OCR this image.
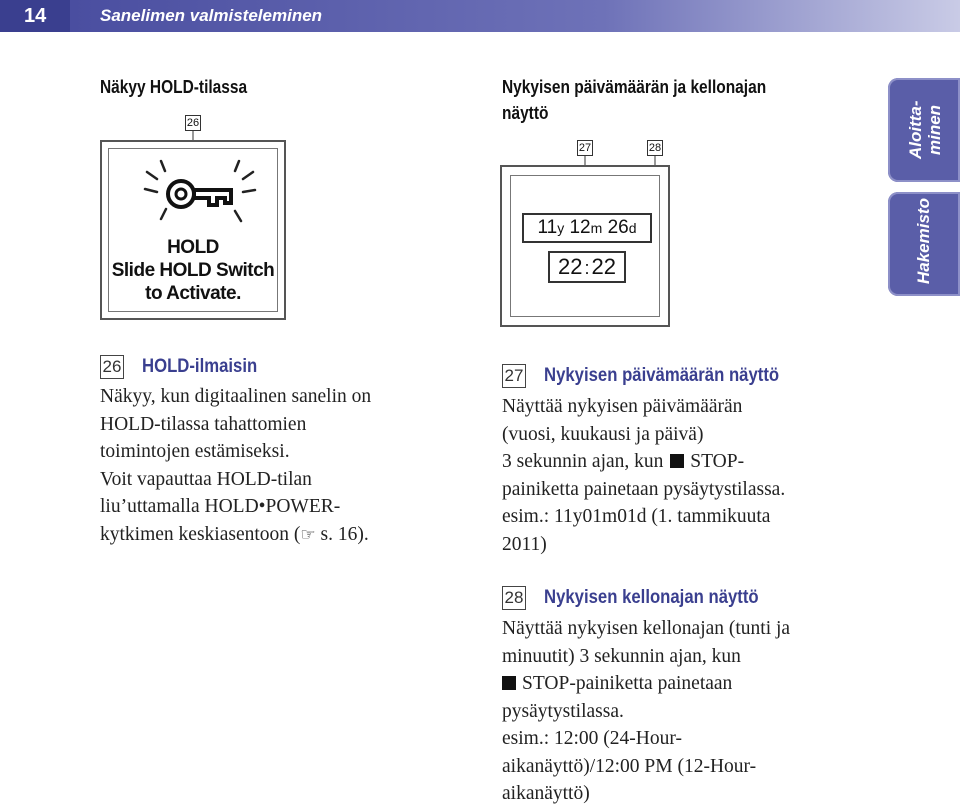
14	Sanelimen valmisteleminen
Aloitta-
minen
Hakemisto
Näkyy HOLD-tilassa
26
HOLD
Slide HOLD Switch
to Activate.
Nykyisen päivämäärän ja kellonajan
näyttö
27	28
11y 12m 26d
22 :22
26 HOLD-ilmaisin
Näkyy, kun digitaalinen sanelin on
HOLD-tilassa tahattomien
toimintojen estämiseksi.
Voit vapauttaa HOLD-tilan
liu’uttamalla HOLD•POWER-
kytkimen keskiasentoon (☞ s. 16).
27 Nykyisen päivämäärän näyttö
Näyttää nykyisen päivämäärän
(vuosi, kuukausi ja päivä)
3 sekunnin ajan, kun STOP-
painiketta painetaan pysäytystilassa.
esim.: 11y01m01d (1. tammikuuta
2011)
28 Nykyisen kellonajan näyttö
Näyttää nykyisen kellonajan (tunti ja
minuutit) 3 sekunnin ajan, kun
STOP-painiketta painetaan
pysäytystilassa.
esim.: 12:00 (24-Hour-
aikanäyttö)/12:00 PM (12-Hour-
aikanäyttö)
